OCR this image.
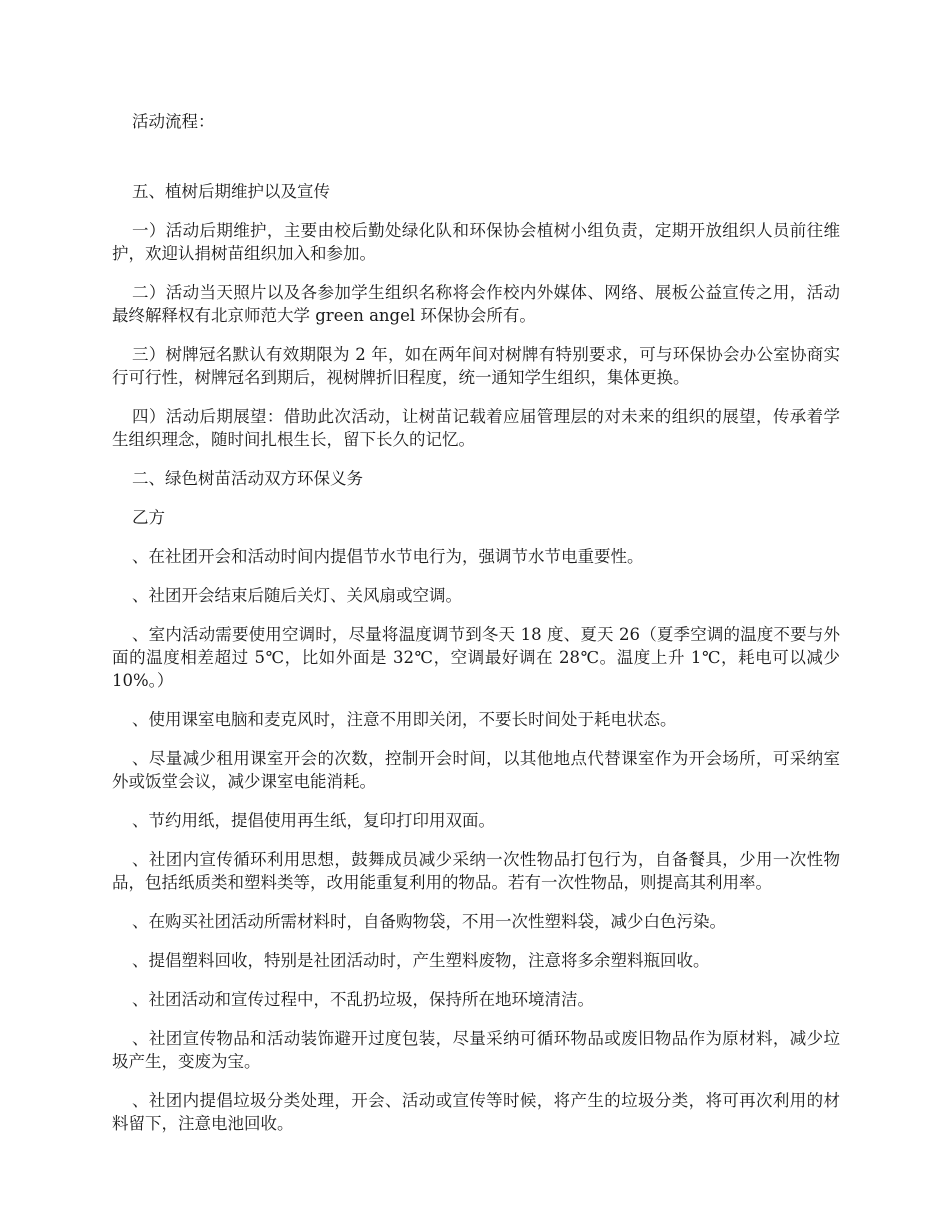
活动流程：

五、植树后期维护以及宣传

一）活动后期维护，主要由校后勤处绿化队和环保协会植树小组负责，定期开放组织人员前往维护，欢迎认捐树苗组织加入和参加。

二）活动当天照片以及各参加学生组织名称将会作校内外媒体、网络、展板公益宣传之用，活动最终解释权有北京师范大学 green angel 环保协会所有。

三）树牌冠名默认有效期限为 2 年，如在两年间对树牌有特别要求，可与环保协会办公室协商实行可行性，树牌冠名到期后，视树牌折旧程度，统一通知学生组织，集体更换。

四）活动后期展望：借助此次活动，让树苗记载着应届管理层的对未来的组织的展望，传承着学生组织理念，随时间扎根生长，留下长久的记忆。

二、绿色树苗活动双方环保义务

乙方

、在社团开会和活动时间内提倡节水节电行为，强调节水节电重要性。

、社团开会结束后随后关灯、关风扇或空调。

、室内活动需要使用空调时，尽量将温度调节到冬天 18 度、夏天 26（夏季空调的温度不要与外面的温度相差超过 5℃，比如外面是 32℃，空调最好调在 28℃。温度上升 1℃，耗电可以减少 10%。）

、使用课室电脑和麦克风时，注意不用即关闭，不要长时间处于耗电状态。

、尽量减少租用课室开会的次数，控制开会时间，以其他地点代替课室作为开会场所，可采纳室外或饭堂会议，减少课室电能消耗。

、节约用纸，提倡使用再生纸，复印打印用双面。

、社团内宣传循环利用思想，鼓舞成员减少采纳一次性物品打包行为，自备餐具，少用一次性物品，包括纸质类和塑料类等，改用能重复利用的物品。若有一次性物品，则提高其利用率。

、在购买社团活动所需材料时，自备购物袋，不用一次性塑料袋，减少白色污染。

、提倡塑料回收，特别是社团活动时，产生塑料废物，注意将多余塑料瓶回收。

、社团活动和宣传过程中，不乱扔垃圾，保持所在地环境清洁。

、社团宣传物品和活动装饰避开过度包装，尽量采纳可循环物品或废旧物品作为原材料，减少垃圾产生，变废为宝。

、社团内提倡垃圾分类处理，开会、活动或宣传等时候，将产生的垃圾分类，将可再次利用的材料留下，注意电池回收。
